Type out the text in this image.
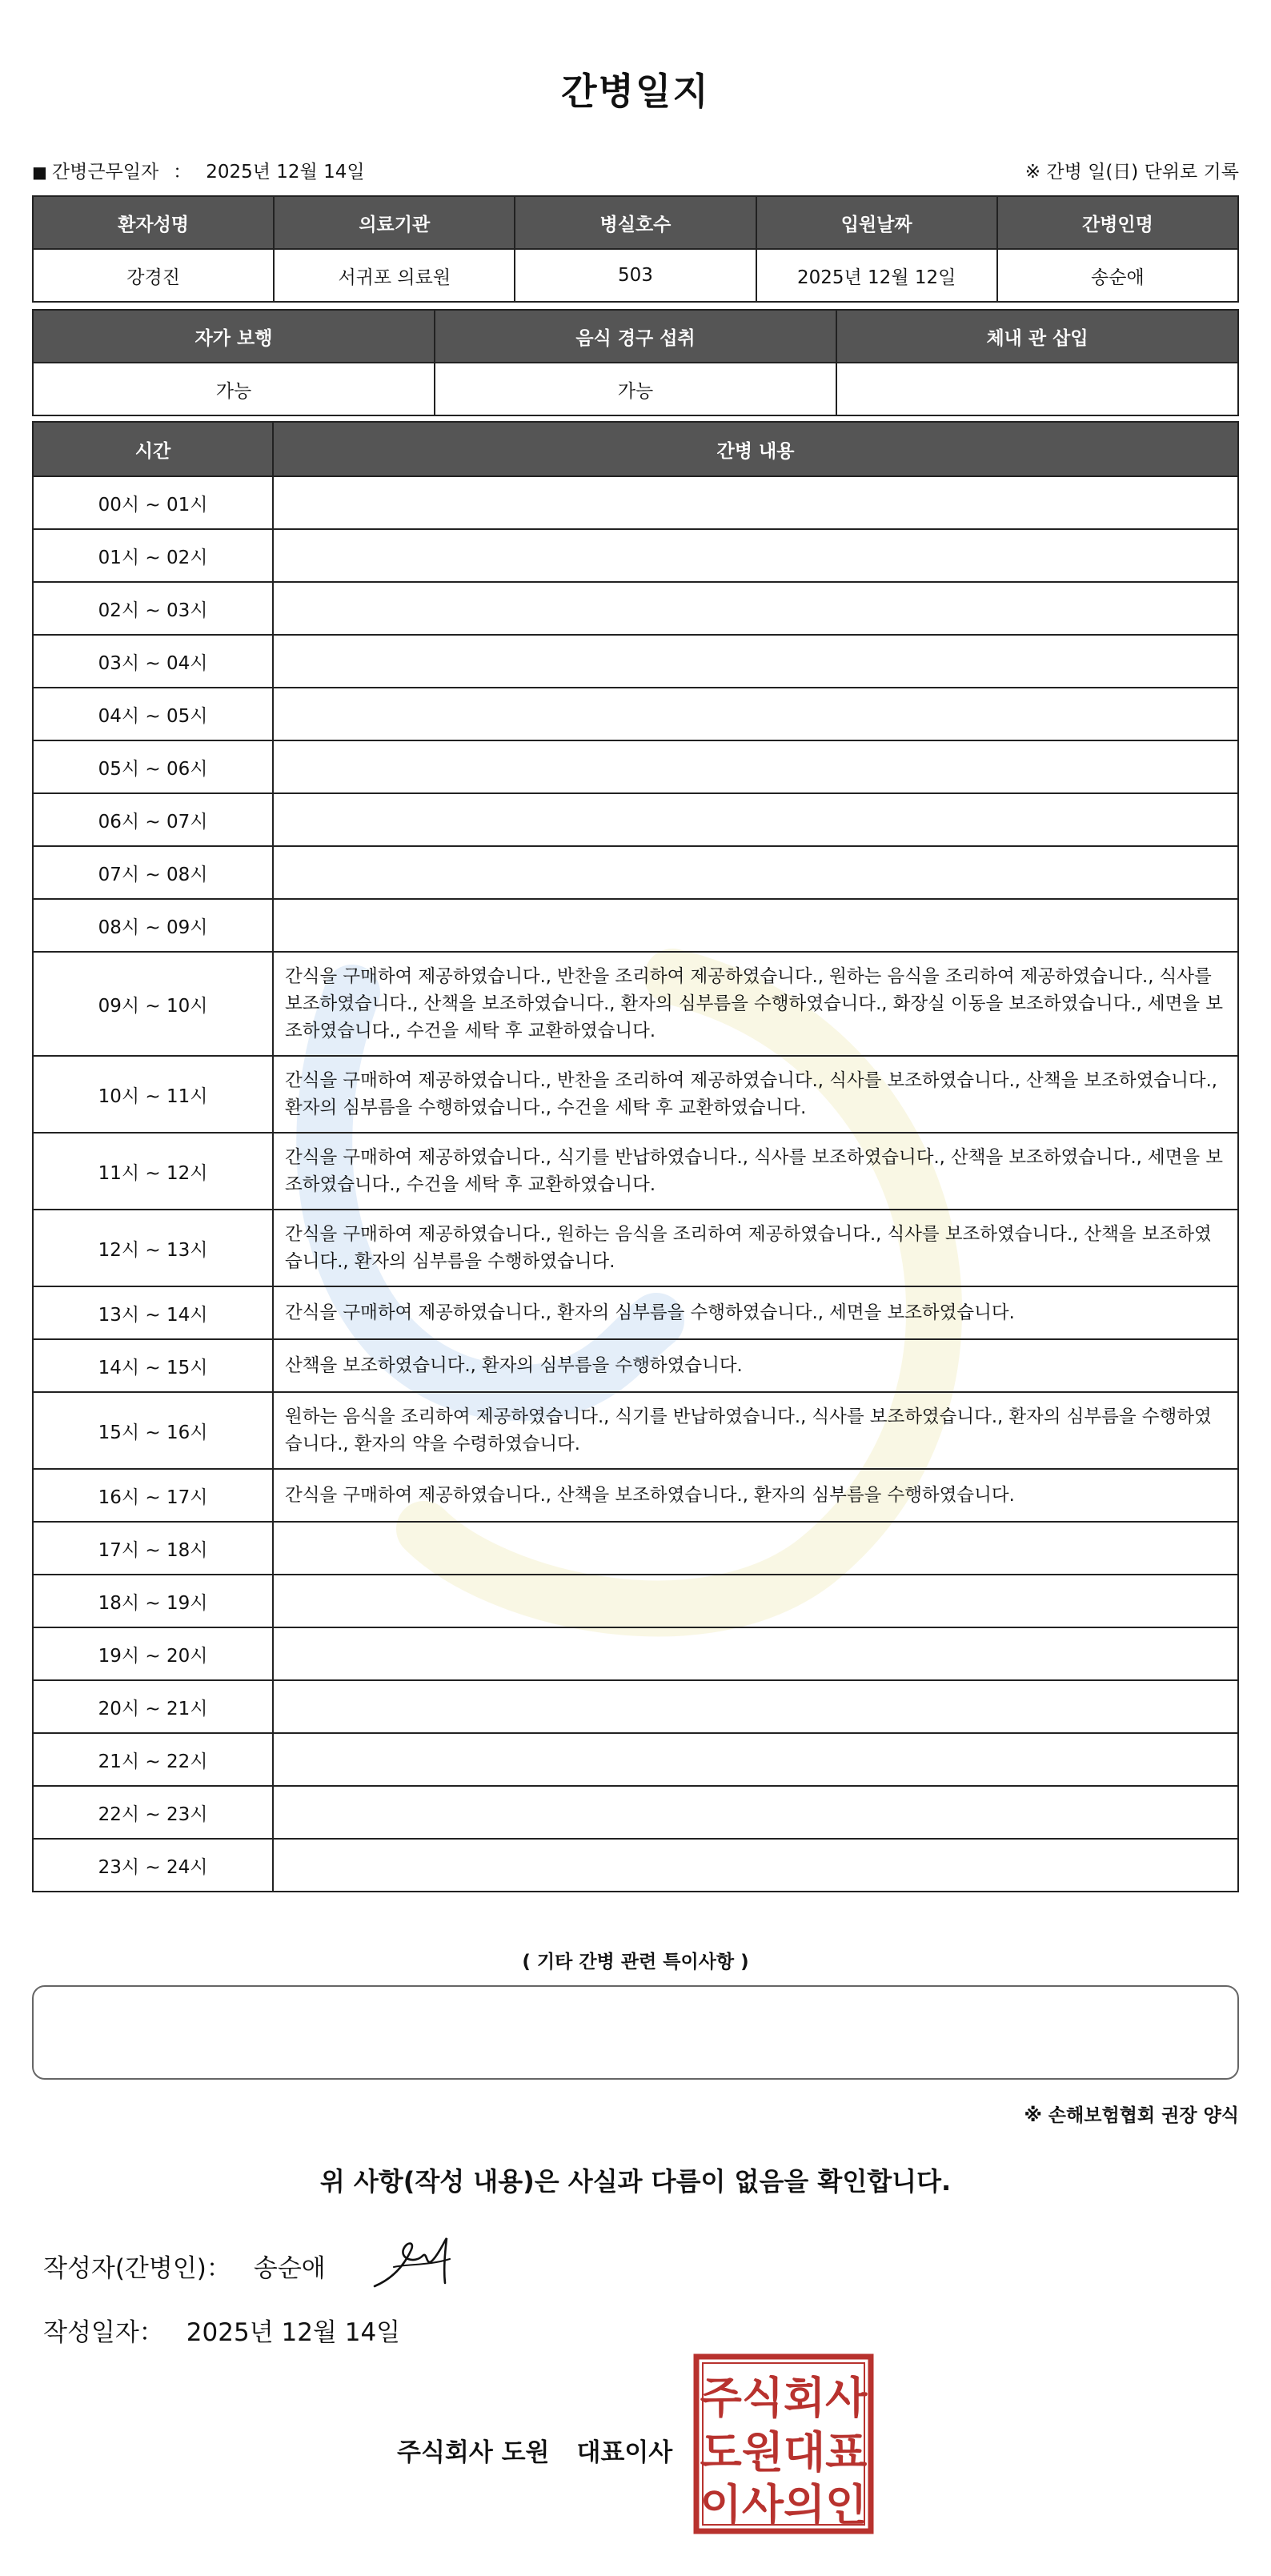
간병일지
■ 간병근무일자 ： 2025년 12월 14일	※ 간병 일(日) 단위로 기록
환자성명	의료기관	병실호수	입원날짜	간병인명
강경진	서귀포 의료원	503	2025년 12월 12일	송순애
자가 보행	음식 경구 섭취	체내 관 삽입
가능	가능	
시간	간병 내용
00시 ~ 01시	
01시 ~ 02시	
02시 ~ 03시	
03시 ~ 04시	
04시 ~ 05시	
05시 ~ 06시	
06시 ~ 07시	
07시 ~ 08시	
08시 ~ 09시	
09시 ~ 10시	간식을 구매하여 제공하였습니다., 반찬을 조리하여 제공하였습니다., 원하는 음식을 조리하여 제공하였습니다., 식사를 보조하였습니다., 산책을 보조하였습니다., 환자의 심부름을 수행하였습니다., 화장실 이동을 보조하였습니다., 세면을 보조하였습니다., 수건을 세탁 후 교환하였습니다.
10시 ~ 11시	간식을 구매하여 제공하였습니다., 반찬을 조리하여 제공하였습니다., 식사를 보조하였습니다., 산책을 보조하였습니다., 환자의 심부름을 수행하였습니다., 수건을 세탁 후 교환하였습니다.
11시 ~ 12시	간식을 구매하여 제공하였습니다., 식기를 반납하였습니다., 식사를 보조하였습니다., 산책을 보조하였습니다., 세면을 보조하였습니다., 수건을 세탁 후 교환하였습니다.
12시 ~ 13시	간식을 구매하여 제공하였습니다., 원하는 음식을 조리하여 제공하였습니다., 식사를 보조하였습니다., 산책을 보조하였습니다., 환자의 심부름을 수행하였습니다.
13시 ~ 14시	간식을 구매하여 제공하였습니다., 환자의 심부름을 수행하였습니다., 세면을 보조하였습니다.
14시 ~ 15시	산책을 보조하였습니다., 환자의 심부름을 수행하였습니다.
15시 ~ 16시	원하는 음식을 조리하여 제공하였습니다., 식기를 반납하였습니다., 식사를 보조하였습니다., 환자의 심부름을 수행하였습니다., 환자의 약을 수령하였습니다.
16시 ~ 17시	간식을 구매하여 제공하였습니다., 산책을 보조하였습니다., 환자의 심부름을 수행하였습니다.
17시 ~ 18시	
18시 ~ 19시	
19시 ~ 20시	
20시 ~ 21시	
21시 ~ 22시	
22시 ~ 23시	
23시 ~ 24시	
( 기타 간병 관련 특이사항 )
※ 손해보험협회 권장 양식
위 사항(작성 내용)은 사실과 다름이 없음을 확인합니다.
작성자(간병인)： 송순애
작성일자： 2025년 12월 14일
주식회사 도원 대표이사
주식회사
도원대표
이사의인
